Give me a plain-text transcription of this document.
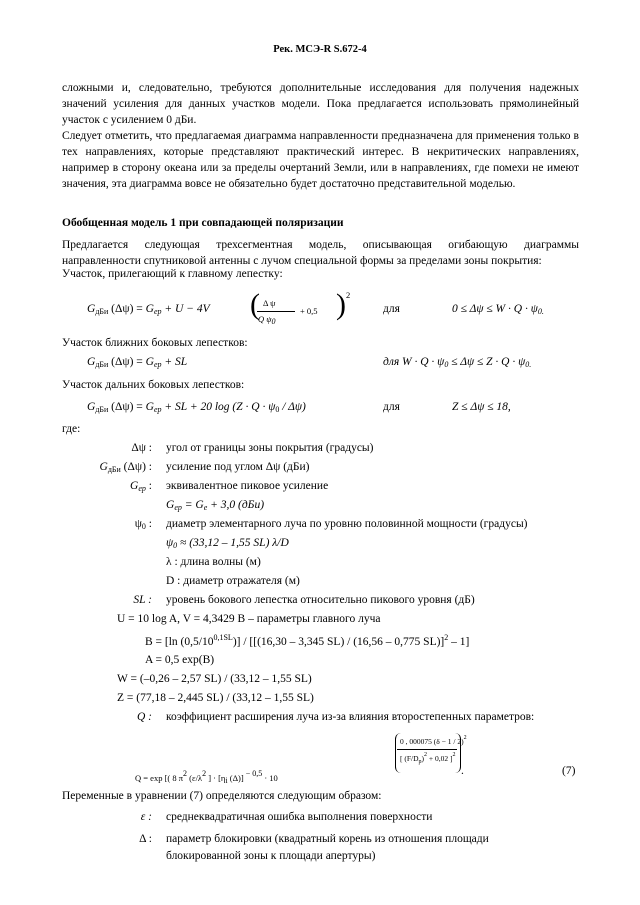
Рек. МСЭ-R S.672-4
сложными и, следовательно, требуются дополнительные исследования для получения надежных значений усиления для данных участков модели. Пока предлагается использовать прямолинейный участок с усилением 0 дБи.
Следует отметить, что предлагаемая диаграмма направленности предназначена для применения только в тех направлениях, которые представляют практический интерес. В некритических направлениях, например в сторону океана или за пределы очертаний Земли, или в направлениях, где помехи не имеют значения, эта диаграмма вовсе не обязательно будет достаточно представительной моделью.
Обобщенная модель 1 при совпадающей поляризации
Предлагается следующая трехсегментная модель, описывающая огибающую диаграммы направленности спутниковой антенны с лучом специальной формы за пределами зоны покрытия:
Участок, прилегающий к главному лепестку:
$G_{дБи}$ $(\Delta\psi) = G_{ep} + U - 4V$ ( Δ ψ
Q ψ0
+ 0,5 ) 2
для	$0 \le \Delta\psi \le W \cdot Q \cdot \psi_{0.}$
Участок ближних боковых лепестков:
$G_{дБи}$ $(\Delta\psi) = G_{ep}$ + SL	для $W \cdot Q \cdot \psi_0 \le \Delta\psi \le Z \cdot Q \cdot \psi_{0.}$
Участок дальних боковых лепестков:
$G_{дБи}$ $(\Delta\psi) = G_{ep}$ + SL + 20 $\log (Z \cdot Q \cdot \psi_0 / \Delta\psi)$	для	Z ≤ Δψ ≤ 18,
где:
Δψ : угол от границы зоны покрытия (градусы)
$G_{дБи}$ (Δψ) : усиление под углом Δψ (дБи)
$G_{ep}$ : эквивалентное пиковое усиление
$G_{ep} = G_e + 3,0$ (дБи)
$\psi_0$ : диаметр элементарного луча по уровню половинной мощности (градусы)
$\psi_0 \approx (33,12 - 1,55$ SL) λ/D
λ : длина волны (м)
D : диаметр отражателя (м)
SL : уровень бокового лепестка относительно пикового уровня (дБ)
U = 10 log A, V = 4,3429 B – параметры главного луча
B = [ln $(0,5/10^{0,1SL})] / [[(16,30 - 3,345$ SL) / (16,56 – 0,775 SL)]$^2$ – 1]
A = 0,5 exp(B)
W = (–0,26 – 2,57 SL) / (33,12 – 1,55 SL)
Z = (77,18 – 2,445 SL) / (33,12 – 1,55 SL)
Q : коэффициент расширения луча из-за влияния второстепенных параметров:
0 , 000075 $(\delta - 1 / 2)^2$
[ $(F/D_p)^2 + 0,02$ ]$^2$
Q = exp [( 8 π2 (ε/λ2 ] · [ηi (Δ)] − 0,5 · 10
.	(7)
Переменные в уравнении (7) определяются следующим образом:
ε : среднеквадратичная ошибка выполнения поверхности
Δ : параметр блокировки (квадратный корень из отношения площади
блокированной зоны к площади апертуры)
